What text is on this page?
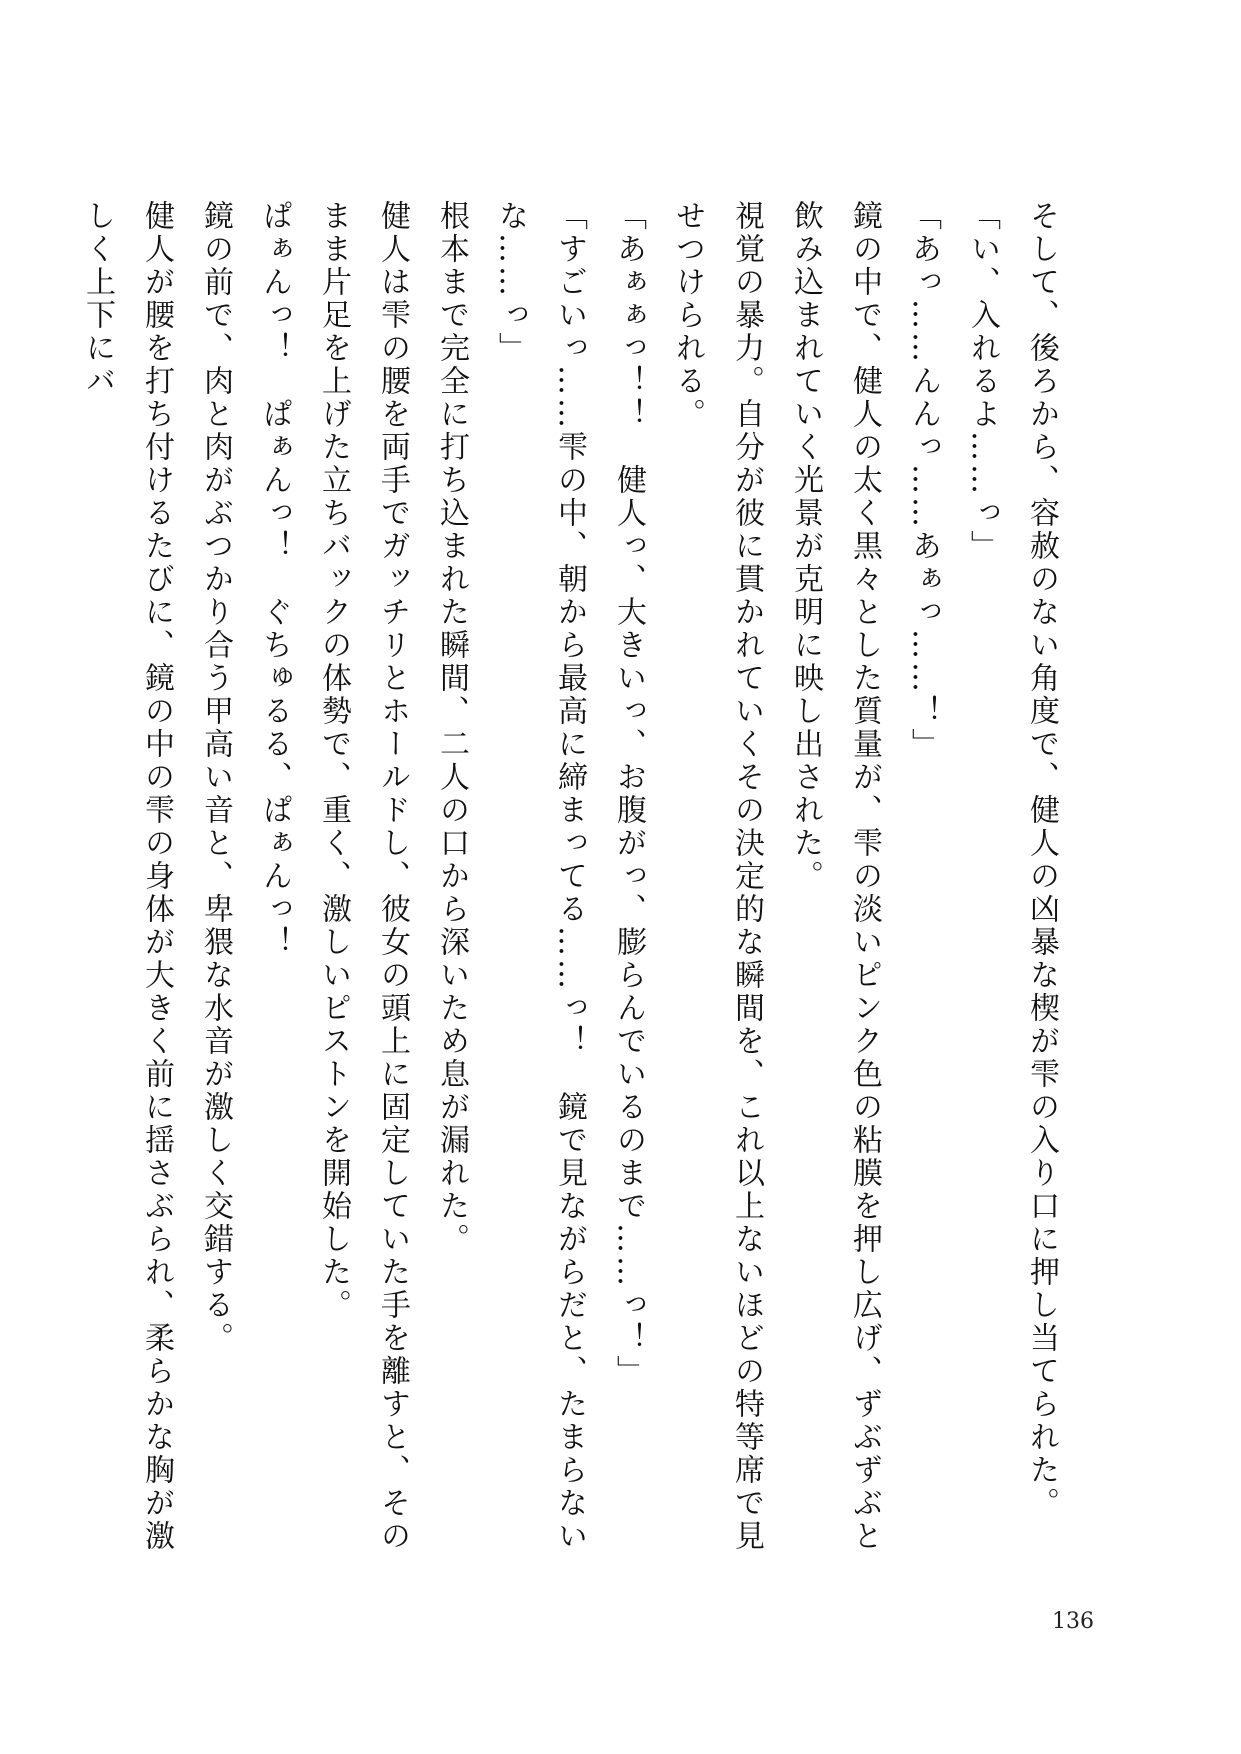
そして、後ろから、容赦のない角度で、健人の凶暴な楔が雫の入り口に押し当てられた。

「い、入れるよ……っ」

「あっ……んんっ……あぁっ……！」

鏡の中で、健人の太く黒々とした質量が、雫の淡いピンク色の粘膜を押し広げ、ずぶずぶと飲み込まれていく光景が克明に映し出された。

視覚の暴力。自分が彼に貫かれていくその決定的な瞬間を、これ以上ないほどの特等席で見せつけられる。

「あぁぁっ！！　健人っ、大きいっ、お腹がっ、膨らんでいるのまで……っ！」

「すごいっ……雫の中、朝から最高に締まってる……っ！　鏡で見ながらだと、たまらないな……っ」

根本まで完全に打ち込まれた瞬間、二人の口から深いため息が漏れた。

健人は雫の腰を両手でガッチリとホールドし、彼女の頭上に固定していた手を離すと、そのまま片足を上げた立ちバックの体勢で、重く、激しいピストンを開始した。

ぱぁんっ！　ぱぁんっ！　ぐちゅるる、ぱぁんっ！

鏡の前で、肉と肉がぶつかり合う甲高い音と、卑猥な水音が激しく交錯する。

健人が腰を打ち付けるたびに、鏡の中の雫の身体が大きく前に揺さぶられ、柔らかな胸が激しく上下にバ

136
